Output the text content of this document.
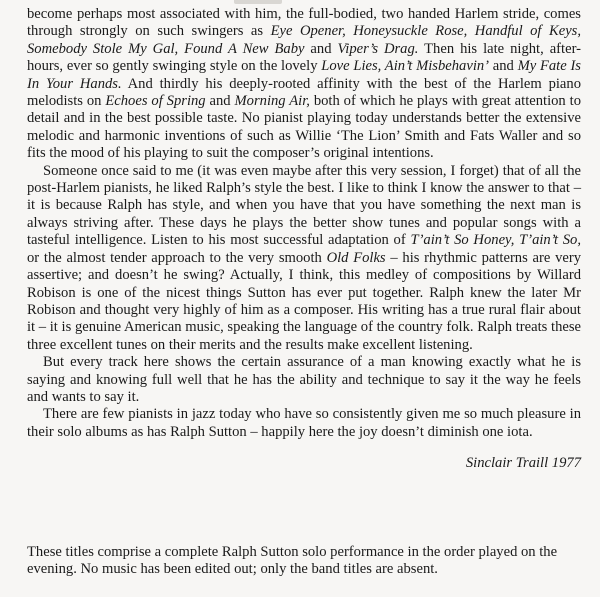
become perhaps most associated with him, the full-bodied, two handed Harlem stride, comes through strongly on such swingers as Eye Opener, Honeysuckle Rose, Handful of Keys, Somebody Stole My Gal, Found A New Baby and Viper’s Drag. Then his late night, after-hours, ever so gently swinging style on the lovely Love Lies, Ain’t Misbehavin’ and My Fate Is In Your Hands. And thirdly his deeply-rooted affinity with the best of the Harlem piano melodists on Echoes of Spring and Morning Air, both of which he plays with great attention to detail and in the best possible taste. No pianist playing today understands better the extensive melodic and harmonic inventions of such as Willie ‘The Lion’ Smith and Fats Waller and so fits the mood of his playing to suit the composer’s original intentions.

Someone once said to me (it was even maybe after this very session, I forget) that of all the post-Harlem pianists, he liked Ralph’s style the best. I like to think I know the answer to that – it is because Ralph has style, and when you have that you have something the next man is always striving after. These days he plays the better show tunes and popular songs with a tasteful intelligence. Listen to his most successful adaptation of T’ain’t So Honey, T’ain’t So, or the almost tender approach to the very smooth Old Folks – his rhythmic patterns are very assertive; and doesn’t he swing? Actually, I think, this medley of compositions by Willard Robison is one of the nicest things Sutton has ever put together. Ralph knew the later Mr Robison and thought very highly of him as a composer. His writing has a true rural flair about it – it is genuine American music, speaking the language of the country folk. Ralph treats these three excellent tunes on their merits and the results make excellent listening.

But every track here shows the certain assurance of a man knowing exactly what he is saying and knowing full well that he has the ability and technique to say it the way he feels and wants to say it.

There are few pianists in jazz today who have so consistently given me so much pleasure in their solo albums as has Ralph Sutton – happily here the joy doesn’t diminish one iota.

Sinclair Traill 1977

These titles comprise a complete Ralph Sutton solo performance in the order played on the evening. No music has been edited out; only the band titles are absent.
